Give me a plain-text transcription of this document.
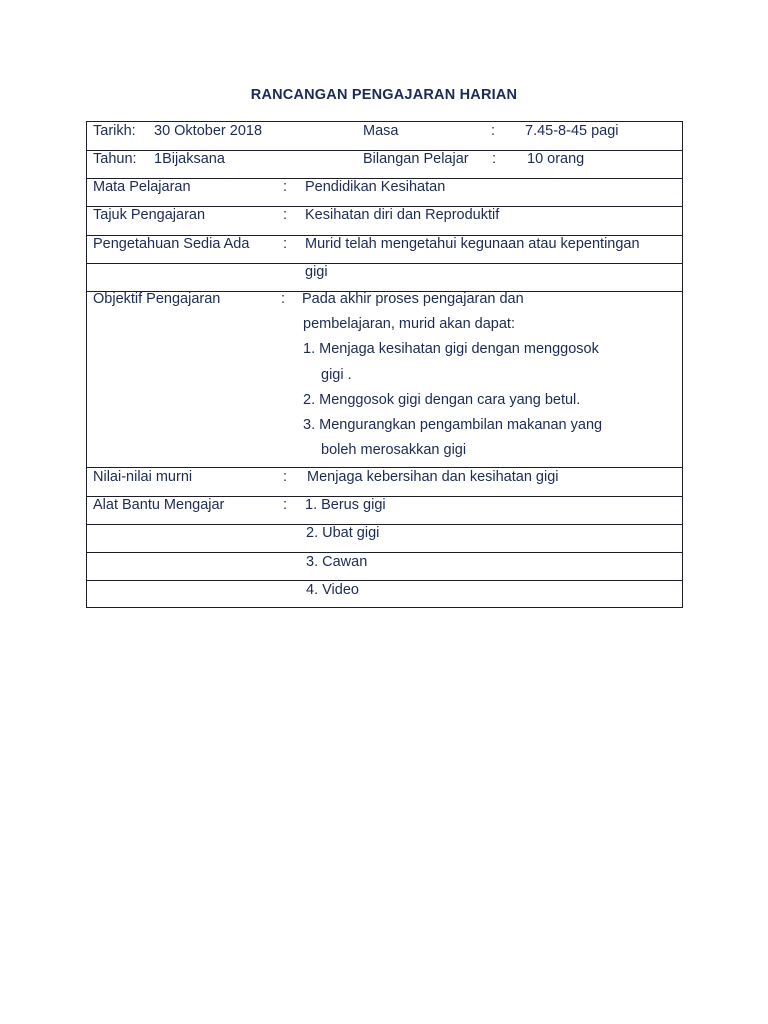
RANCANGAN PENGAJARAN HARIAN
Tarikh: 30 Oktober 2018	Masa	: 7.45-8-45 pagi
Tahun: 1Bijaksana	Bilangan Pelajar : 10 orang
Mata Pelajaran	: Pendidikan Kesihatan
Tajuk Pengajaran	: Kesihatan diri dan Reproduktif
Pengetahuan Sedia Ada : Murid telah mengetahui kegunaan atau kepentingan
gigi
Objektif Pengajaran	: Pada akhir proses pengajaran dan
pembelajaran, murid akan dapat:
1. Menjaga kesihatan gigi dengan menggosok
gigi .
2. Menggosok gigi dengan cara yang betul.
3. Mengurangkan pengambilan makanan yang
boleh merosakkan gigi
Nilai-nilai murni	: Menjaga kebersihan dan kesihatan gigi
Alat Bantu Mengajar	: 1. Berus gigi
2. Ubat gigi
3. Cawan
4. Video
